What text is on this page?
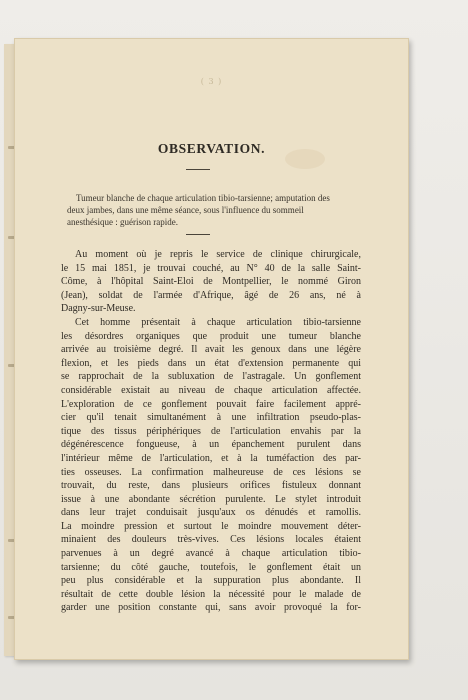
( 3 )
OBSERVATION.
Tumeur blanche de chaque articulation tibio-tarsienne; amputation des
deux jambes, dans une même séance, sous l'influence du sommeil
anesthésique : guérison rapide.
Au moment où je repris le service de clinique chirurgicale,
le 15 mai 1851, je trouvai couché, au N° 40 de la salle Saint-
Côme, à l'hôpital Saint-Eloi de Montpellier, le nommé Giron
(Jean), soldat de l'armée d'Afrique, âgé de 26 ans, né à
Dagny-sur-Meuse.
Cet homme présentait à chaque articulation tibio-tarsienne
les désordres organiques que produit une tumeur blanche
arrivée au troisième degré. Il avait les genoux dans une légère
flexion, et les pieds dans un état d'extension permanente qui
se rapprochait de la subluxation de l'astragale. Un gonflement
considérable existait au niveau de chaque articulation affectée.
L'exploration de ce gonflement pouvait faire facilement appré-
cier qu'il tenait simultanément à une infiltration pseudo-plas-
tique des tissus périphériques de l'articulation envahis par la
dégénérescence fongueuse, à un épanchement purulent dans
l'intérieur même de l'articulation, et à la tuméfaction des par-
ties osseuses. La confirmation malheureuse de ces lésions se
trouvait, du reste, dans plusieurs orifices fistuleux donnant
issue à une abondante sécrétion purulente. Le stylet introduit
dans leur trajet conduisait jusqu'aux os dénudés et ramollis.
La moindre pression et surtout le moindre mouvement déter-
minaient des douleurs très-vives. Ces lésions locales étaient
parvenues à un degré avancé à chaque articulation tibio-
tarsienne; du côté gauche, toutefois, le gonflement était un
peu plus considérable et la suppuration plus abondante. Il
résultait de cette double lésion la nécessité pour le malade de
garder une position constante qui, sans avoir provoqué la for-
